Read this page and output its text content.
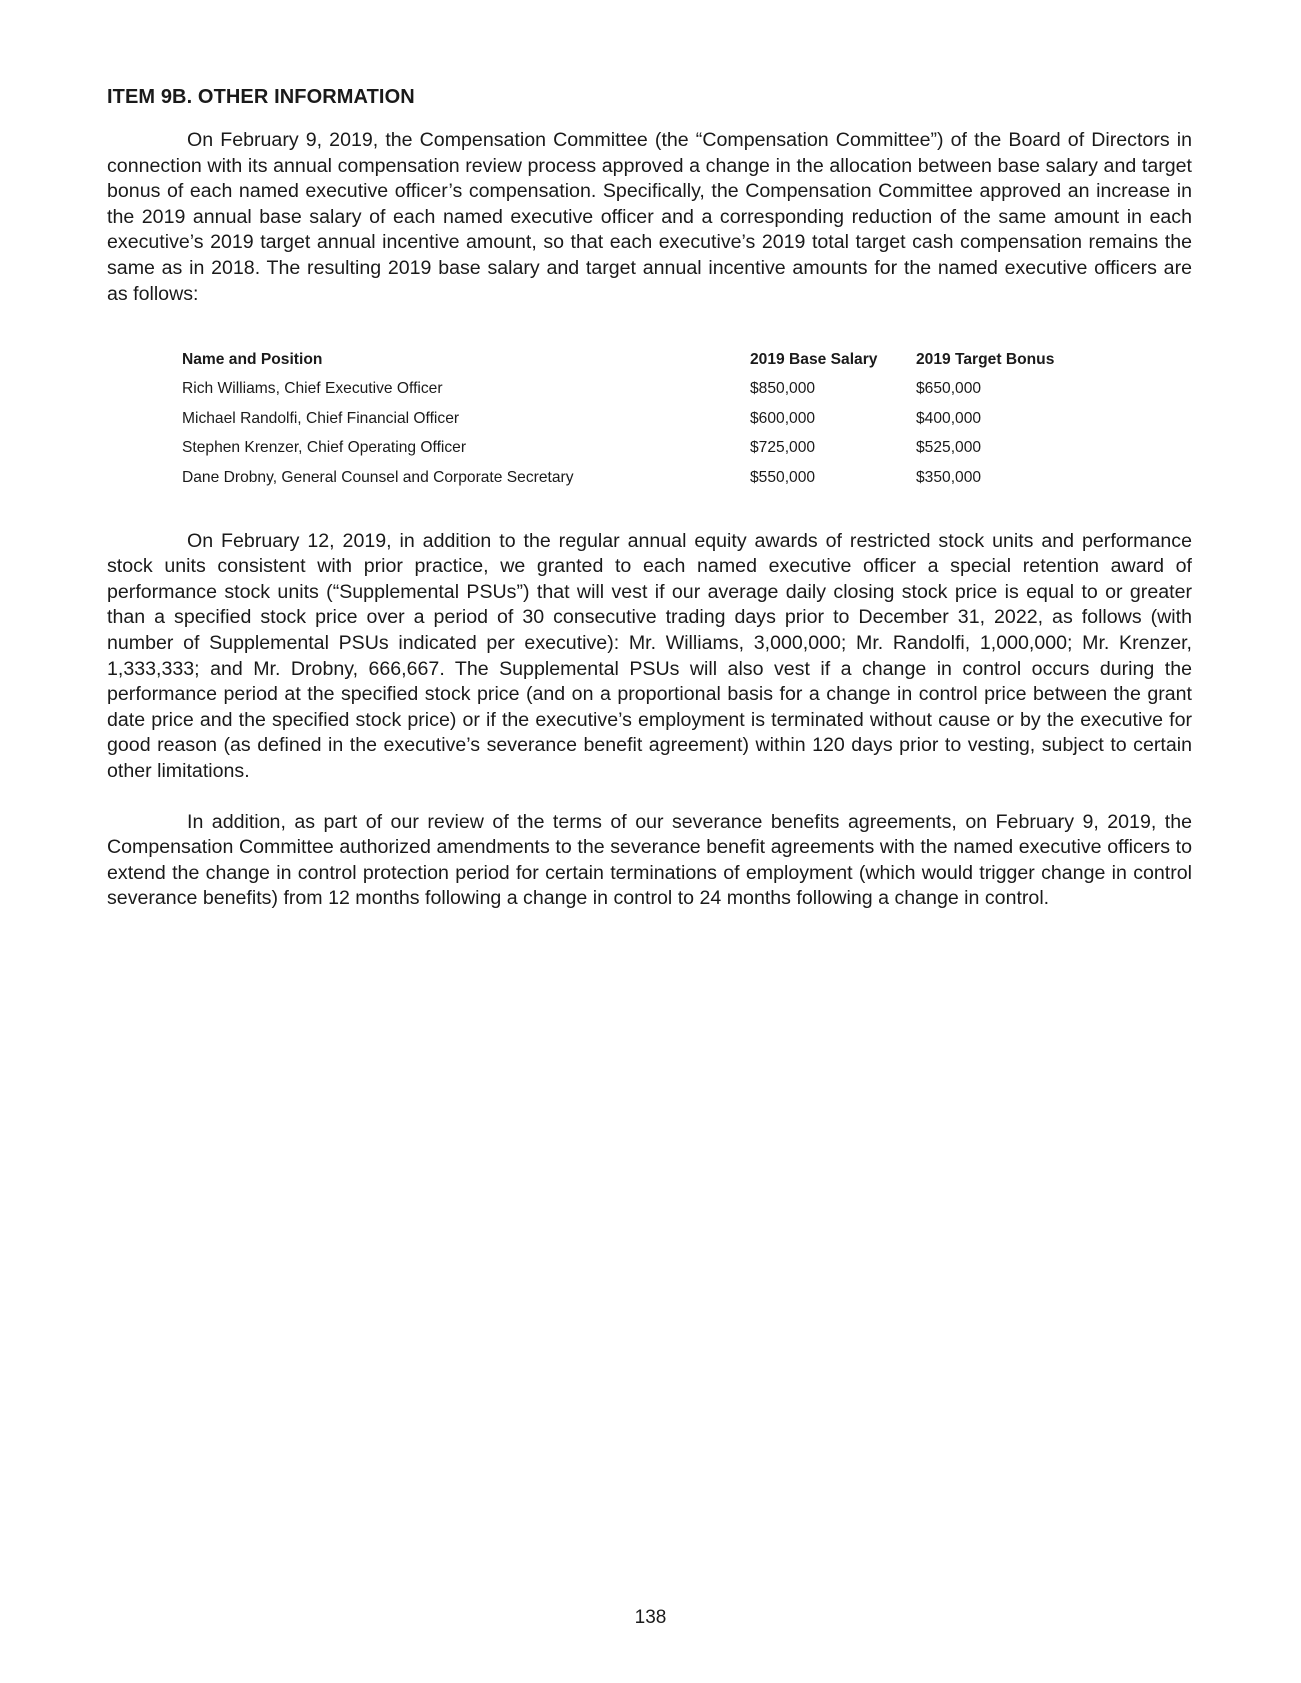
ITEM 9B. OTHER INFORMATION

On February 9, 2019, the Compensation Committee (the “Compensation Committee”) of the Board of Directors in connection with its annual compensation review process approved a change in the allocation between base salary and target bonus of each named executive officer’s compensation. Specifically, the Compensation Committee approved an increase in the 2019 annual base salary of each named executive officer and a corresponding reduction of the same amount in each executive’s 2019 target annual incentive amount, so that each executive’s 2019 total target cash compensation remains the same as in 2018. The resulting 2019 base salary and target annual incentive amounts for the named executive officers are as follows:

Name and Position	2019 Base Salary	2019 Target Bonus
Rich Williams, Chief Executive Officer	$850,000	$650,000
Michael Randolfi, Chief Financial Officer	$600,000	$400,000
Stephen Krenzer, Chief Operating Officer	$725,000	$525,000
Dane Drobny, General Counsel and Corporate Secretary	$550,000	$350,000

On February 12, 2019, in addition to the regular annual equity awards of restricted stock units and performance stock units consistent with prior practice, we granted to each named executive officer a special retention award of performance stock units (“Supplemental PSUs”) that will vest if our average daily closing stock price is equal to or greater than a specified stock price over a period of 30 consecutive trading days prior to December 31, 2022, as follows (with number of Supplemental PSUs indicated per executive): Mr. Williams, 3,000,000; Mr. Randolfi, 1,000,000; Mr. Krenzer, 1,333,333; and Mr. Drobny, 666,667. The Supplemental PSUs will also vest if a change in control occurs during the performance period at the specified stock price (and on a proportional basis for a change in control price between the grant date price and the specified stock price) or if the executive’s employment is terminated without cause or by the executive for good reason (as defined in the executive’s severance benefit agreement) within 120 days prior to vesting, subject to certain other limitations.

In addition, as part of our review of the terms of our severance benefits agreements, on February 9, 2019, the Compensation Committee authorized amendments to the severance benefit agreements with the named executive officers to extend the change in control protection period for certain terminations of employment (which would trigger change in control severance benefits) from 12 months following a change in control to 24 months following a change in control.

138
